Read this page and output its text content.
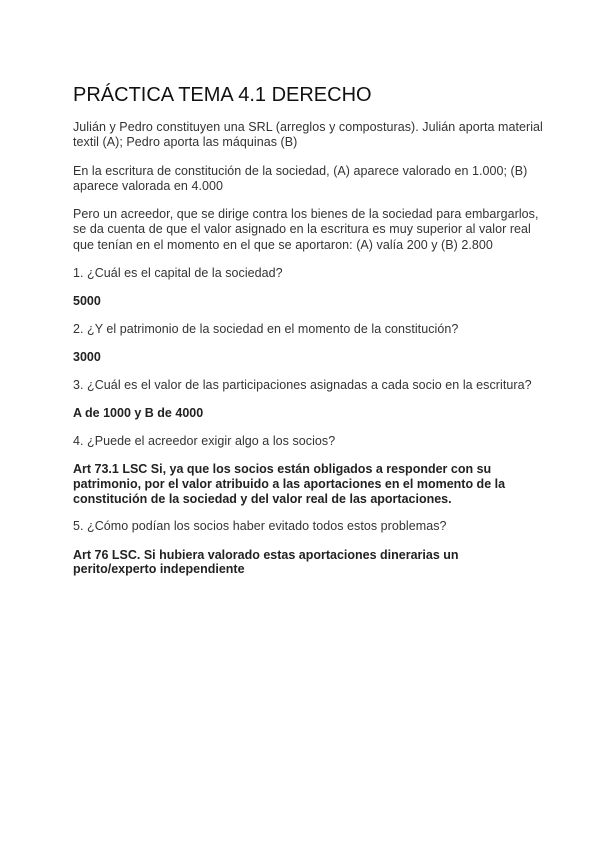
PRÁCTICA TEMA 4.1 DERECHO

Julián y Pedro constituyen una SRL (arreglos y composturas). Julián aporta material textil (A); Pedro aporta las máquinas (B)

En la escritura de constitución de la sociedad, (A) aparece valorado en 1.000; (B) aparece valorada en 4.000

Pero un acreedor, que se dirige contra los bienes de la sociedad para embargarlos, se da cuenta de que el valor asignado en la escritura es muy superior al valor real que tenían en el momento en el que se aportaron: (A) valía 200 y (B) 2.800

1. ¿Cuál es el capital de la sociedad?

5000

2. ¿Y el patrimonio de la sociedad en el momento de la constitución?

3000

3. ¿Cuál es el valor de las participaciones asignadas a cada socio en la escritura?

A de 1000 y B de 4000

4. ¿Puede el acreedor exigir algo a los socios?

Art 73.1 LSC Si, ya que los socios están obligados a responder con su patrimonio, por el valor atribuido a las aportaciones en el momento de la constitución de la sociedad y del valor real de las aportaciones.

5. ¿Cómo podían los socios haber evitado todos estos problemas?

Art 76 LSC. Si hubiera valorado estas aportaciones dinerarias un perito/experto independiente
